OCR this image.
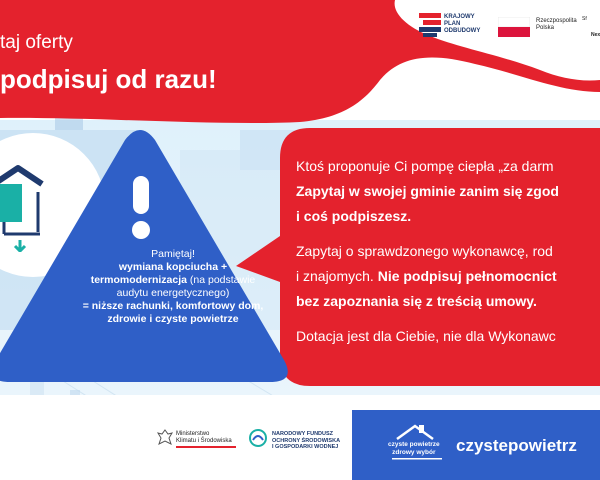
taj oferty
podpisuj od razu!
KRAJOWY
PLAN
ODBUDOWY
Rzeczpospolita
Polska
Sf
Nex

Ktoś proponuje Ci pompę ciepła „za darm
Zapytaj w swojej gminie zanim się zgod
i coś podpiszesz.

Zapytaj o sprawdzonego wykonawcę, rod
i znajomych. Nie podpisuj pełnomocnict
bez zapoznania się z treścią umowy.

Dotacja jest dla Ciebie, nie dla Wykonawc

Pamiętaj!
wymiana kopciucha +
termomodernizacja (na podstawie
audytu energetycznego)
= niższe rachunki, komfortowy dom,
zdrowie i czyste powietrze
Ministerstwo
Klimatu i Środowiska
NARODOWY FUNDUSZ
OCHRONY ŚRODOWISKA
I GOSPODARKI WODNEJ	czyste powietrze
zdrowy wybór czystepowietrz
